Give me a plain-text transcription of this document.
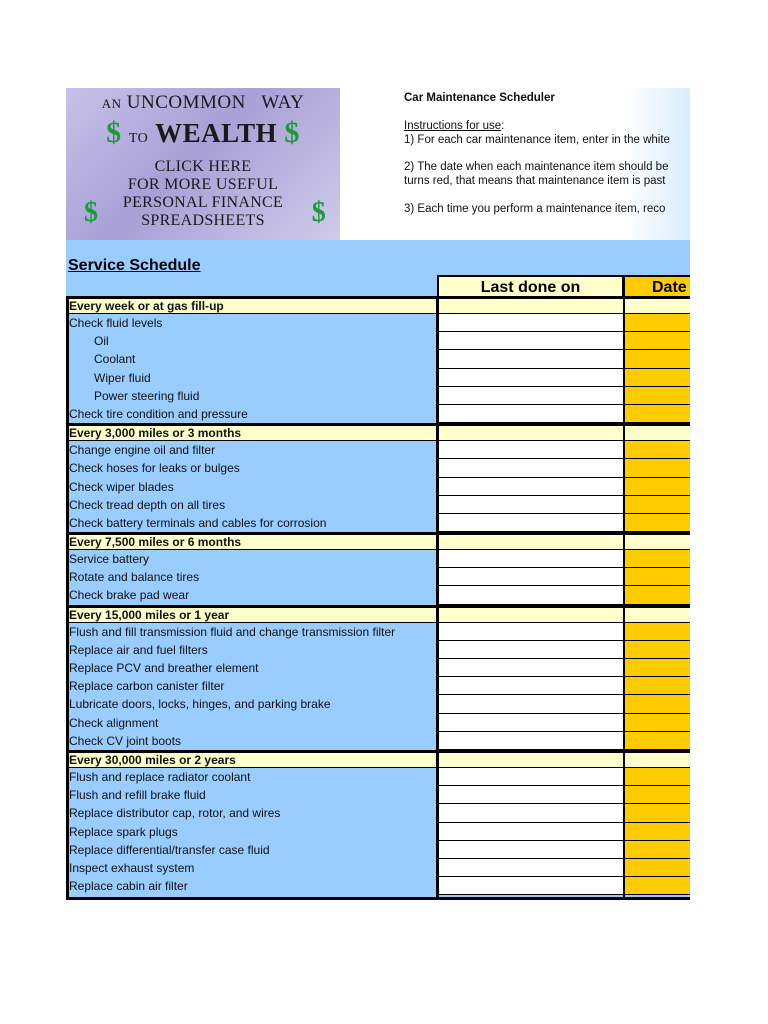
AN UNCOMMON WAY
$ TO WEALTH $
CLICK HERE
FOR MORE USEFUL
PERSONAL FINANCE
$	SPREADSHEETS $
Car Maintenance Scheduler
Instructions for use:
1) For each car maintenance item, enter in the white
2) The date when each maintenance item should be
turns red, that means that maintenance item is past
3) Each time you perform a maintenance item, reco
Service Schedule
Last done on	Date
Every week or at gas fill-up
Check fluid levels
Oil
Coolant
Wiper fluid
Power steering fluid
Check tire condition and pressure
Every 3,000 miles or 3 months
Change engine oil and filter
Check hoses for leaks or bulges
Check wiper blades
Check tread depth on all tires
Check battery terminals and cables for corrosion
Every 7,500 miles or 6 months
Service battery
Rotate and balance tires
Check brake pad wear
Every 15,000 miles or 1 year
Flush and fill transmission fluid and change transmission filter
Replace air and fuel filters
Replace PCV and breather element
Replace carbon canister filter
Lubricate doors, locks, hinges, and parking brake
Check alignment
Check CV joint boots
Every 30,000 miles or 2 years
Flush and replace radiator coolant
Flush and refill brake fluid
Replace distributor cap, rotor, and wires
Replace spark plugs
Replace differential/transfer case fluid
Inspect exhaust system
Replace cabin air filter
